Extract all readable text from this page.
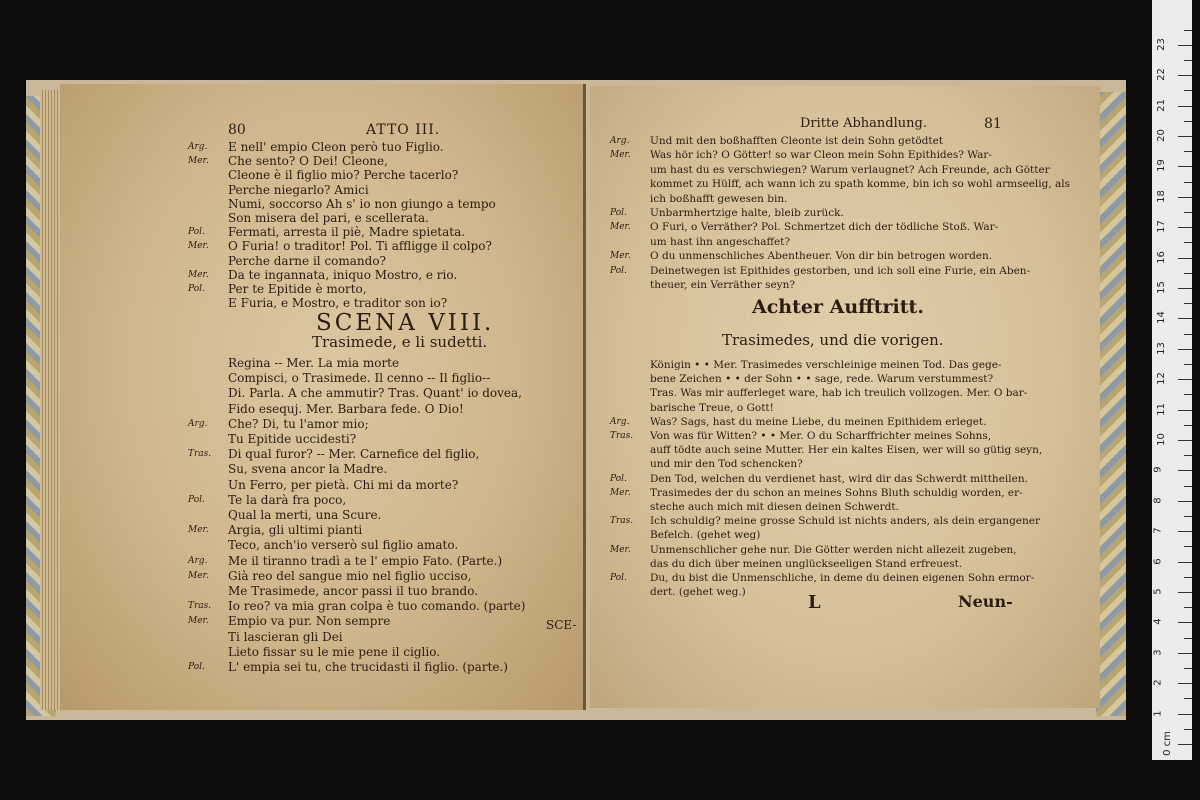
80	ATTO III.
Arg. E nell' empio Cleon però tuo Figlio.
Mer. Che sento? O Dei! Cleone,
Cleone è il figlio mio? Perche tacerlo?
Perche niegarlo? Amici
Numi, soccorso Ah s' io non giungo a tempo
Son misera del pari, e scellerata.
Pol. Fermati, arresta il piè, Madre spietata.
Mer. O Furia! o traditor! Pol. Ti affligge il colpo?
Perche darne il comando?
Mer. Da te ingannata, iniquo Mostro, e rio.
Pol. Per te Epitide è morto,
E Furia, e Mostro, e traditor son io?
SCENA VIII.
Trasimede, e li sudetti.
Regina -- Mer. La mia morte
Compisci, o Trasimede. Il cenno -- Il figlio--
Di. Parla. A che ammutir? Tras. Quant' io dovea,
Fido esequj. Mer. Barbara fede. O Dio!
Arg. Che? Di, tu l'amor mio;
Tu Epitide uccidesti?
Tras. Di qual furor? -- Mer. Carnefice del figlio,
Su, svena ancor la Madre.
Un Ferro, per pietà. Chi mi da morte?
Pol. Te la darà fra poco,
Qual la merti, una Scure.
Mer. Argia, gli ultimi pianti
Teco, anch'io verserò sul figlio amato.
Arg. Me il tiranno tradì a te l' empio Fato. (Parte.)
Mer. Già reo del sangue mio nel figlio ucciso,
Me Trasimede, ancor passi il tuo brando.
Tras. Io reo? va mia gran colpa è tuo comando. (parte)
Mer. Empio va pur. Non sempre
Ti lascieran gli Dei
Lieto fissar su le mie pene il ciglio.
Pol. L' empia sei tu, che trucidasti il figlio. (parte.)
SCE-
Dritte Abhandlung.	81
Arg. Und mit den boßhafften Cleonte ist dein Sohn getödtet
Mer. Was hör ich? O Götter! so war Cleon mein Sohn Epithides? War-
um hast du es verschwiegen? Warum verlaugnet? Ach Freunde, ach Götter
kommet zu Hülff, ach wann ich zu spath komme, bin ich so wohl armseelig, als
ich boßhafft gewesen bin.
Pol. Unbarmhertzige halte, bleib zurück.
Mer. O Furi, o Verräther? Pol. Schmertzet dich der tödliche Stoß. War-
um hast ihn angeschaffet?
Mer. O du unmenschliches Abentheuer. Von dir bin betrogen worden.
Pol. Deinetwegen ist Epithides gestorben, und ich soll eine Furie, ein Aben-
theuer, ein Verräther seyn?
Achter Aufftritt.
Trasimedes, und die vorigen.
Königin • • Mer. Trasimedes verschleinige meinen Tod. Das gege-
bene Zeichen • • der Sohn • • sage, rede. Warum verstummest?
Tras. Was mir aufferleget ware, hab ich treulich vollzogen. Mer. O bar-
barische Treue, o Gott!
Arg. Was? Sags, hast du meine Liebe, du meinen Epithidem erleget.
Tras. Von was für Witten? • • Mer. O du Scharffrichter meines Sohns,
auff tödte auch seine Mutter. Her ein kaltes Eisen, wer will so gütig seyn,
und mir den Tod schencken?
Pol. Den Tod, welchen du verdienet hast, wird dir das Schwerdt mittheilen.
Mer. Trasimedes der du schon an meines Sohns Bluth schuldig worden, er-
steche auch mich mit diesen deinen Schwerdt.
Tras. Ich schuldig? meine grosse Schuld ist nichts anders, als dein ergangener
Befelch. (gehet weg)
Mer. Unmenschlicher gehe nur. Die Götter werden nicht allezeit zugeben,
das du dich über meinen unglückseeligen Stand erfreuest.
Pol. Du, du bist die Unmenschliche, in deme du deinen eigenen Sohn ermor-
dert. (gehet weg.)	L	Neun-
0 cm
1
2
3
4
5
6
7
8
9
10
11
12
13
14
15
16
17
18
19
20
21
22
23
